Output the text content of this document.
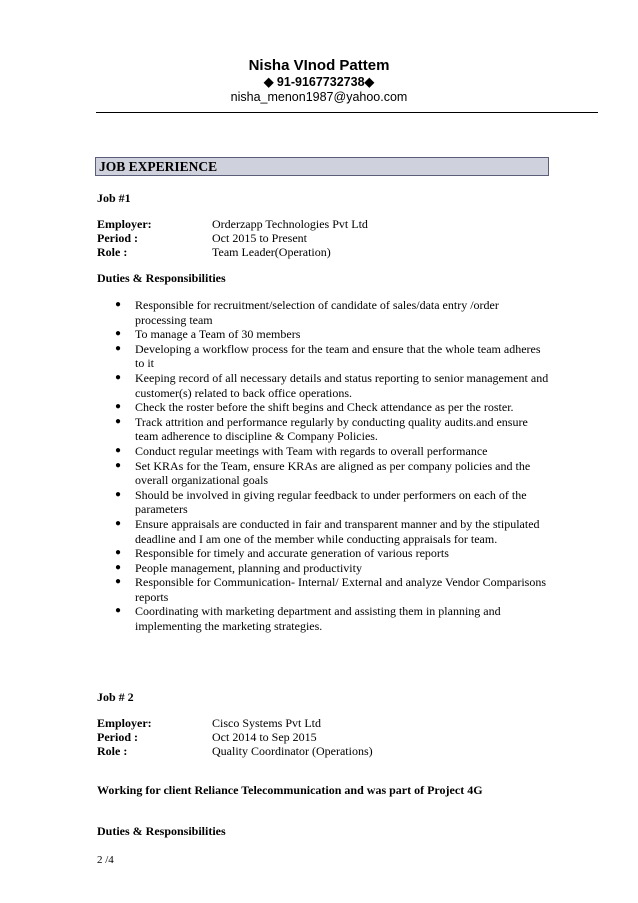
Nisha VInod Pattem
◆ 91-9167732738◆
nisha_menon1987@yahoo.com
JOB EXPERIENCE
Job #1
Employer:	Orderzapp Technologies Pvt Ltd
Period :	Oct 2015 to Present
Role :	Team Leader(Operation)
Duties & Responsibilities
● Responsible for recruitment/selection of candidate of sales/data entry /order processing team
● To manage a Team of 30 members
● Developing a workflow process for the team and ensure that the whole team adheres to it
● Keeping record of all necessary details and status reporting to senior management and customer(s) related to back office operations.
● Check the roster before the shift begins and Check attendance as per the roster.
● Track attrition and performance regularly by conducting quality audits.and ensure team adherence to discipline & Company Policies.
● Conduct regular meetings with Team with regards to overall performance
● Set KRAs for the Team, ensure KRAs are aligned as per company policies and the overall organizational goals
● Should be involved in giving regular feedback to under performers on each of the parameters
● Ensure appraisals are conducted in fair and transparent manner and by the stipulated deadline and I am one of the member while conducting appraisals for team.
● Responsible for timely and accurate generation of various reports
● People management, planning and productivity
● Responsible for Communication- Internal/ External and analyze Vendor Comparisons reports
● Coordinating with marketing department and assisting them in planning and implementing the marketing strategies.
Job # 2
Employer:	Cisco Systems Pvt Ltd
Period :	Oct 2014 to Sep 2015
Role :	Quality Coordinator (Operations)
Working for client Reliance Telecommunication and was part of Project 4G
Duties & Responsibilities
2 /4
